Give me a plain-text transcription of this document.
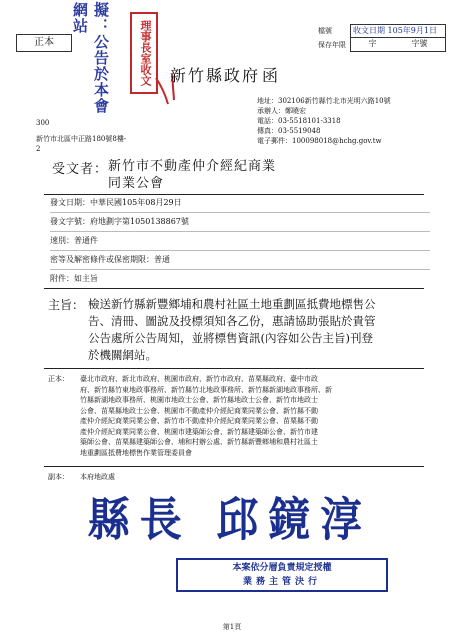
正本	擬：公告於本會網站
理事長室收文	檔號
保存年限
收文日期 105年9月1日
字	字號
新竹縣政府 函
地址：302106新竹縣竹北市光明六路10號
承辦人：鄭曉宏
電話：03-5518101-3318
傳真：03-5519048
電子郵件：100098018@hchg.gov.tw
300
新竹市北區中正路180號8樓-
2
受文者： 新竹市不動產仲介經紀商業
同業公會
發文日期：中華民國105年08月29日
發文字號：府地劃字第1050138867號
速別：普通件
密等及解密條件或保密期限：普通
附件：如主旨
主旨： 檢送新竹縣新豐鄉埔和農村社區土地重劃區抵費地標售公
告、清冊、圖說及投標須知各乙份，惠請協助張貼於貴管
公告處所公告周知，並將標售資訊(內容如公告主旨)刊登
於機關網站。
正本： 臺北市政府、新北市政府、桃園市政府、新竹市政府、苗栗縣政府、臺中市政
府、新竹縣竹東地政事務所、新竹縣竹北地政事務所、新竹縣新湖地政事務所、新
竹縣新湖地政事務所、桃園市地政士公會、新竹縣地政士公會、新竹市地政士
公會、苗栗縣地政士公會、桃園市不動產仲介經紀商業同業公會、新竹縣不動
產仲介經紀商業同業公會、新竹市不動產仲介經紀商業同業公會、苗栗縣不動
產仲介經紀商業同業公會、桃園市建築師公會、新竹縣建築師公會、新竹市建
築師公會、苗栗縣建築師公會、埔和村辦公處、新竹縣新豐鄉埔和農村社區土
地重劃區抵費地標售作業管理委員會
副本： 本府地政處
縣長 邱鏡淳
本案依分層負責規定授權
業務主管決行
第1頁
